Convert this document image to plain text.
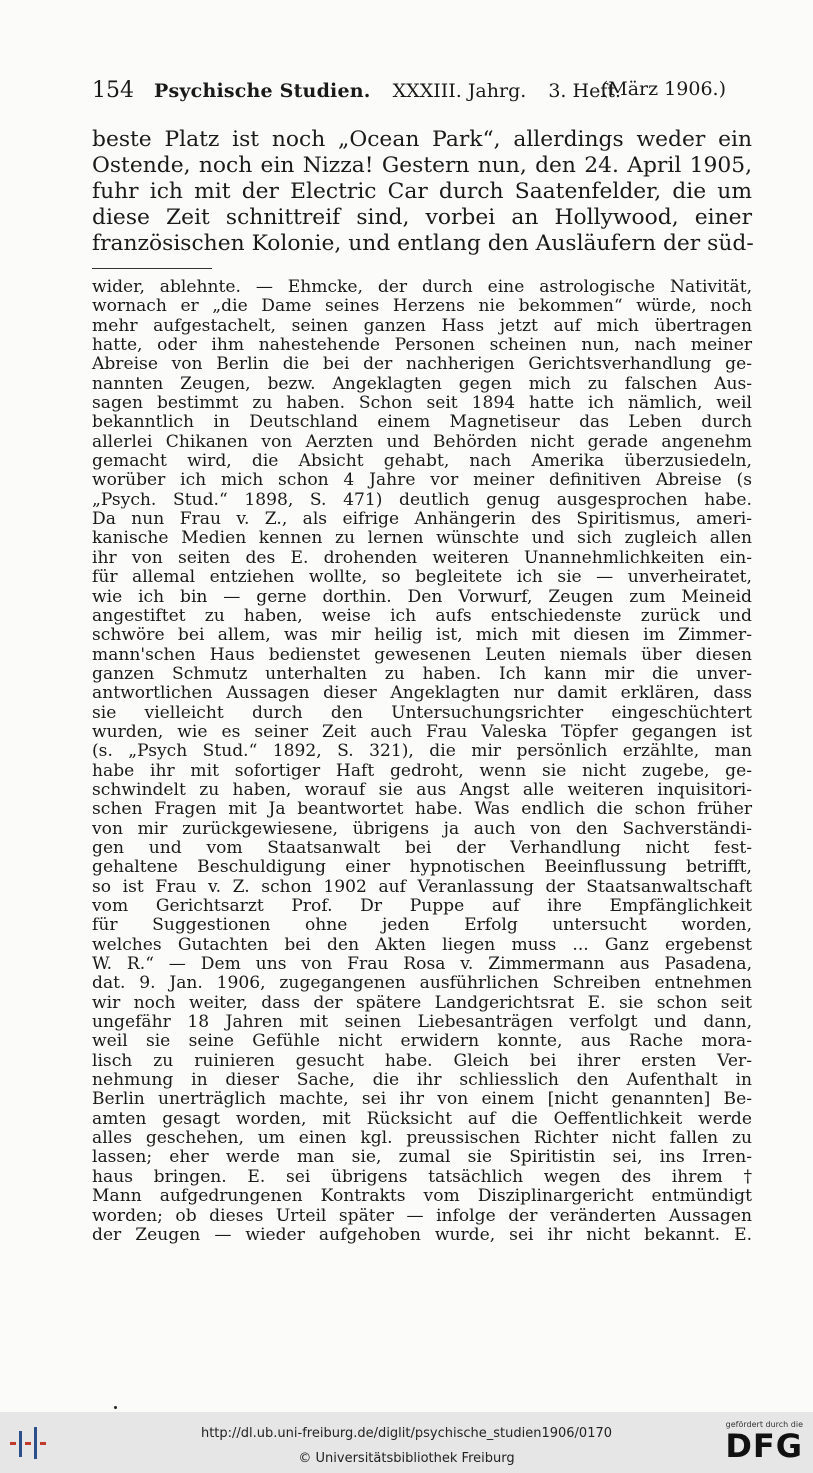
154 Psychische Studien. XXXIII. Jahrg. 3. Heft.
(März 1906.)
beste Platz ist noch „Ocean Park“, allerdings weder ein
Ostende, noch ein Nizza! Gestern nun, den 24. April 1905,
fuhr ich mit der Electric Car durch Saatenfelder, die um
diese Zeit schnittreif sind, vorbei an Hollywood, einer
französischen Kolonie, und entlang den Ausläufern der süd-
wider, ablehnte. — Ehmcke, der durch eine astrologische Nativität,
wornach er „die Dame seines Herzens nie bekommen“ würde, noch
mehr aufgestachelt, seinen ganzen Hass jetzt auf mich übertragen
hatte, oder ihm nahestehende Personen scheinen nun, nach meiner
Abreise von Berlin die bei der nachherigen Gerichtsverhandlung ge-
nannten Zeugen, bezw. Angeklagten gegen mich zu falschen Aus-
sagen bestimmt zu haben. Schon seit 1894 hatte ich nämlich, weil
bekanntlich in Deutschland einem Magnetiseur das Leben durch
allerlei Chikanen von Aerzten und Behörden nicht gerade angenehm
gemacht wird, die Absicht gehabt, nach Amerika überzusiedeln,
worüber ich mich schon 4 Jahre vor meiner definitiven Abreise (s
„Psych. Stud.“ 1898, S. 471) deutlich genug ausgesprochen habe.
Da nun Frau v. Z., als eifrige Anhängerin des Spiritismus, ameri-
kanische Medien kennen zu lernen wünschte und sich zugleich allen
ihr von seiten des E. drohenden weiteren Unannehmlichkeiten ein-
für allemal entziehen wollte, so begleitete ich sie — unverheiratet,
wie ich bin — gerne dorthin. Den Vorwurf, Zeugen zum Meineid
angestiftet zu haben, weise ich aufs entschiedenste zurück und
schwöre bei allem, was mir heilig ist, mich mit diesen im Zimmer-
mann'schen Haus bedienstet gewesenen Leuten niemals über diesen
ganzen Schmutz unterhalten zu haben. Ich kann mir die unver-
antwortlichen Aussagen dieser Angeklagten nur damit erklären, dass
sie vielleicht durch den Untersuchungsrichter eingeschüchtert
wurden, wie es seiner Zeit auch Frau Valeska Töpfer gegangen ist
(s. „Psych Stud.“ 1892, S. 321), die mir persönlich erzählte, man
habe ihr mit sofortiger Haft gedroht, wenn sie nicht zugebe, ge-
schwindelt zu haben, worauf sie aus Angst alle weiteren inquisitori-
schen Fragen mit Ja beantwortet habe. Was endlich die schon früher
von mir zurückgewiesene, übrigens ja auch von den Sachverständi-
gen und vom Staatsanwalt bei der Verhandlung nicht fest-
gehaltene Beschuldigung einer hypnotischen Beeinflussung betrifft,
so ist Frau v. Z. schon 1902 auf Veranlassung der Staatsanwaltschaft
vom Gerichtsarzt Prof. Dr Puppe auf ihre Empfänglichkeit
für Suggestionen ohne jeden Erfolg untersucht worden,
welches Gutachten bei den Akten liegen muss ... Ganz ergebenst
W. R.“ — Dem uns von Frau Rosa v. Zimmermann aus Pasadena,
dat. 9. Jan. 1906, zugegangenen ausführlichen Schreiben entnehmen
wir noch weiter, dass der spätere Landgerichtsrat E. sie schon seit
ungefähr 18 Jahren mit seinen Liebesanträgen verfolgt und dann,
weil sie seine Gefühle nicht erwidern konnte, aus Rache mora-
lisch zu ruinieren gesucht habe. Gleich bei ihrer ersten Ver-
nehmung in dieser Sache, die ihr schliesslich den Aufenthalt in
Berlin unerträglich machte, sei ihr von einem [nicht genannten] Be-
amten gesagt worden, mit Rücksicht auf die Oeffentlichkeit werde
alles geschehen, um einen kgl. preussischen Richter nicht fallen zu
lassen; eher werde man sie, zumal sie Spiritistin sei, ins Irren-
haus bringen. E. sei übrigens tatsächlich wegen des ihrem †
Mann aufgedrungenen Kontrakts vom Disziplinargericht entmündigt
worden; ob dieses Urteil später — infolge der veränderten Aussagen
der Zeugen — wieder aufgehoben wurde, sei ihr nicht bekannt. E.
http://dl.ub.uni-freiburg.de/diglit/psychische_studien1906/0170
© Universitätsbibliothek Freiburg
gefördert durch die
DFG
